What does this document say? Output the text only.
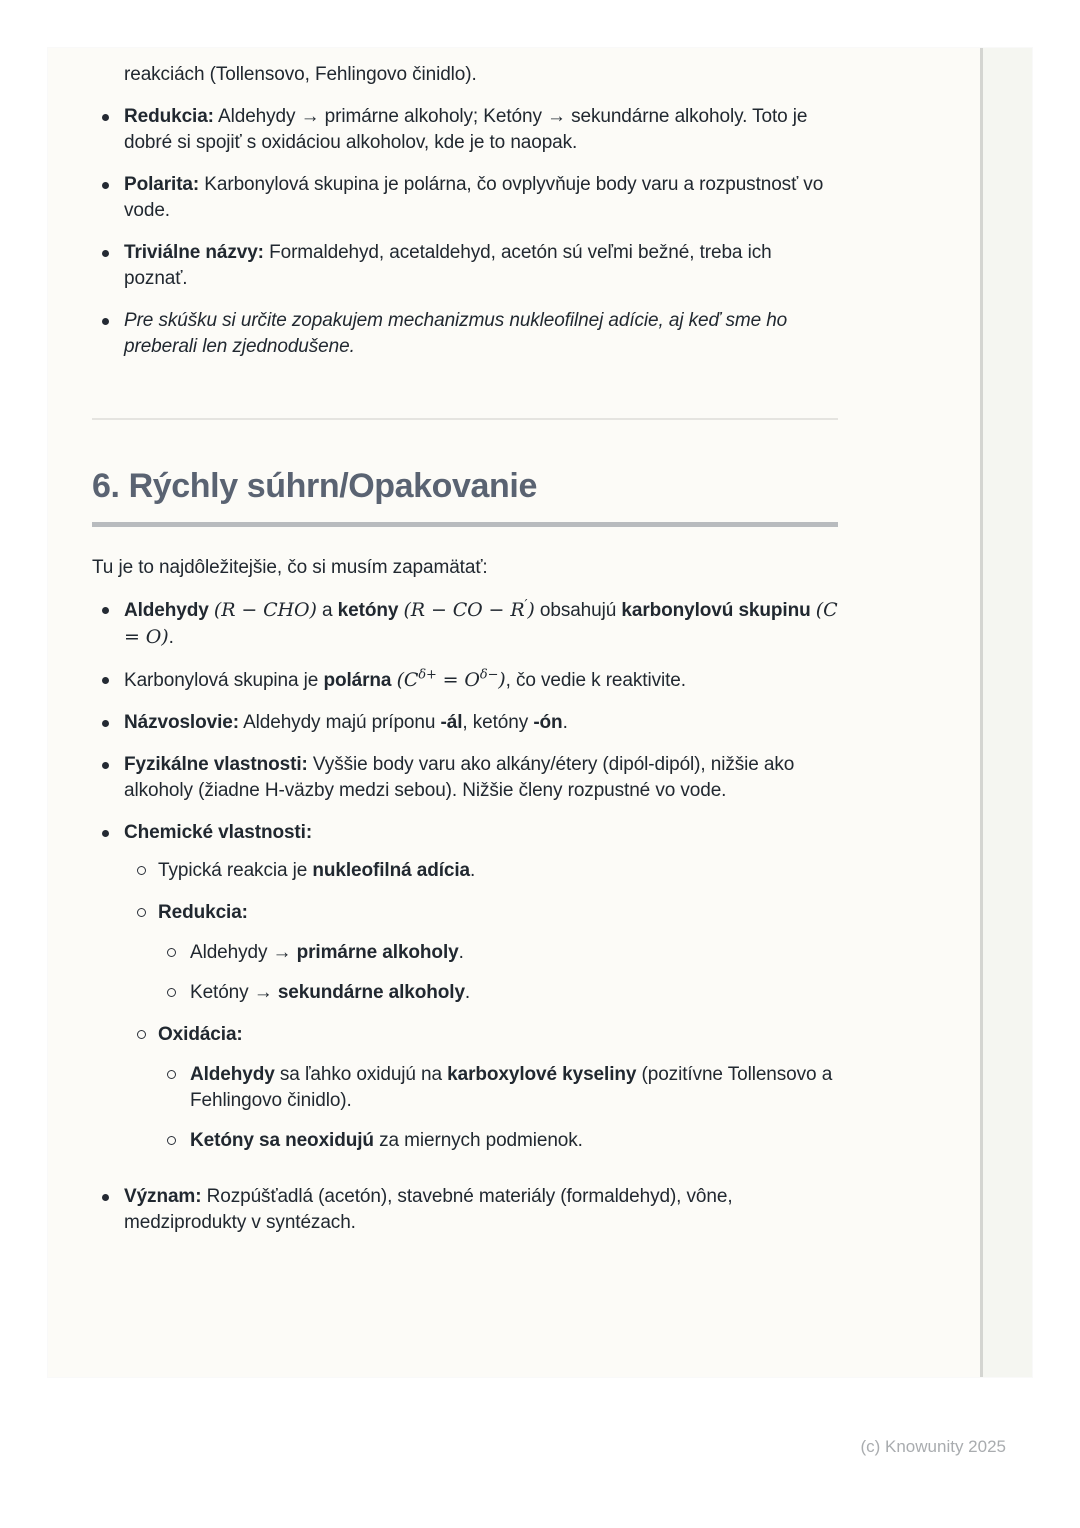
reakciách (Tollensovo, Fehlingovo činidlo).

Redukcia: Aldehydy → primárne alkoholy; Ketóny → sekundárne alkoholy. Toto je dobré si spojiť s oxidáciou alkoholov, kde je to naopak.
Polarita: Karbonylová skupina je polárna, čo ovplyvňuje body varu a rozpustnosť vo vode.
Triviálne názvy: Formaldehyd, acetaldehyd, acetón sú veľmi bežné, treba ich poznať.
Pre skúšku si určite zopakujem mechanizmus nukleofilnej adície, aj keď sme ho preberali len zjednodušene.
6. Rýchly súhrn/Opakovanie

Tu je to najdôležitejšie, čo si musím zapamätať:

Aldehydy (R − CHO) a ketóny (R − CO − R′) obsahujú karbonylovú skupinu (C = O).
Karbonylová skupina je polárna $(C^{\delta+} = O^{\delta-})$, čo vedie k reaktivite.
Názvoslovie: Aldehydy majú príponu -ál, ketóny -ón.
Fyzikálne vlastnosti: Vyššie body varu ako alkány/étery (dipól-dipól), nižšie ako alkoholy (žiadne H-väzby medzi sebou). Nižšie členy rozpustné vo vode.
Chemické vlastnosti:
Typická reakcia je nukleofilná adícia.
Redukcia:
Aldehydy → primárne alkoholy.
Ketóny → sekundárne alkoholy.
Oxidácia:
Aldehydy sa ľahko oxidujú na karboxylové kyseliny (pozitívne Tollensovo a Fehlingovo činidlo).
Ketóny sa neoxidujú za miernych podmienok.
Význam: Rozpúšťadlá (acetón), stavebné materiály (formaldehyd), vône, medziprodukty v syntézach.
(c) Knowunity 2025
